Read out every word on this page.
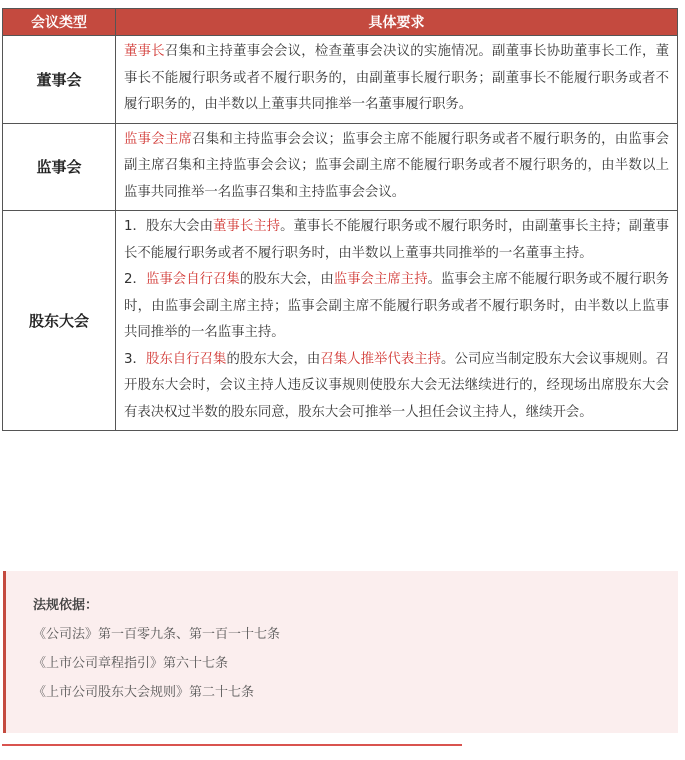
会议类型	具体要求
董事会	董事长召集和主持董事会会议，检查董事会决议的实施情况。副董事长协助董事长工作，董事长不能履行职务或者不履行职务的，由副董事长履行职务；副董事长不能履行职务或者不履行职务的，由半数以上董事共同推举一名董事履行职务。
监事会	监事会主席召集和主持监事会会议；监事会主席不能履行职务或者不履行职务的，由监事会副主席召集和主持监事会会议；监事会副主席不能履行职务或者不履行职务的，由半数以上监事共同推举一名监事召集和主持监事会会议。
股东大会	1．股东大会由董事长主持。董事长不能履行职务或不履行职务时，由副董事长主持；副董事长不能履行职务或者不履行职务时，由半数以上董事共同推举的一名董事主持。

2．监事会自行召集的股东大会，由监事会主席主持。监事会主席不能履行职务或不履行职务时，由监事会副主席主持；监事会副主席不能履行职务或者不履行职务时，由半数以上监事共同推举的一名监事主持。

3．股东自行召集的股东大会，由召集人推举代表主持。公司应当制定股东大会议事规则。召开股东大会时，会议主持人违反议事规则使股东大会无法继续进行的，经现场出席股东大会有表决权过半数的股东同意，股东大会可推举一人担任会议主持人，继续开会。

法规依据：
《公司法》第一百零九条、第一百一十七条
《上市公司章程指引》第六十七条
《上市公司股东大会规则》第二十七条
